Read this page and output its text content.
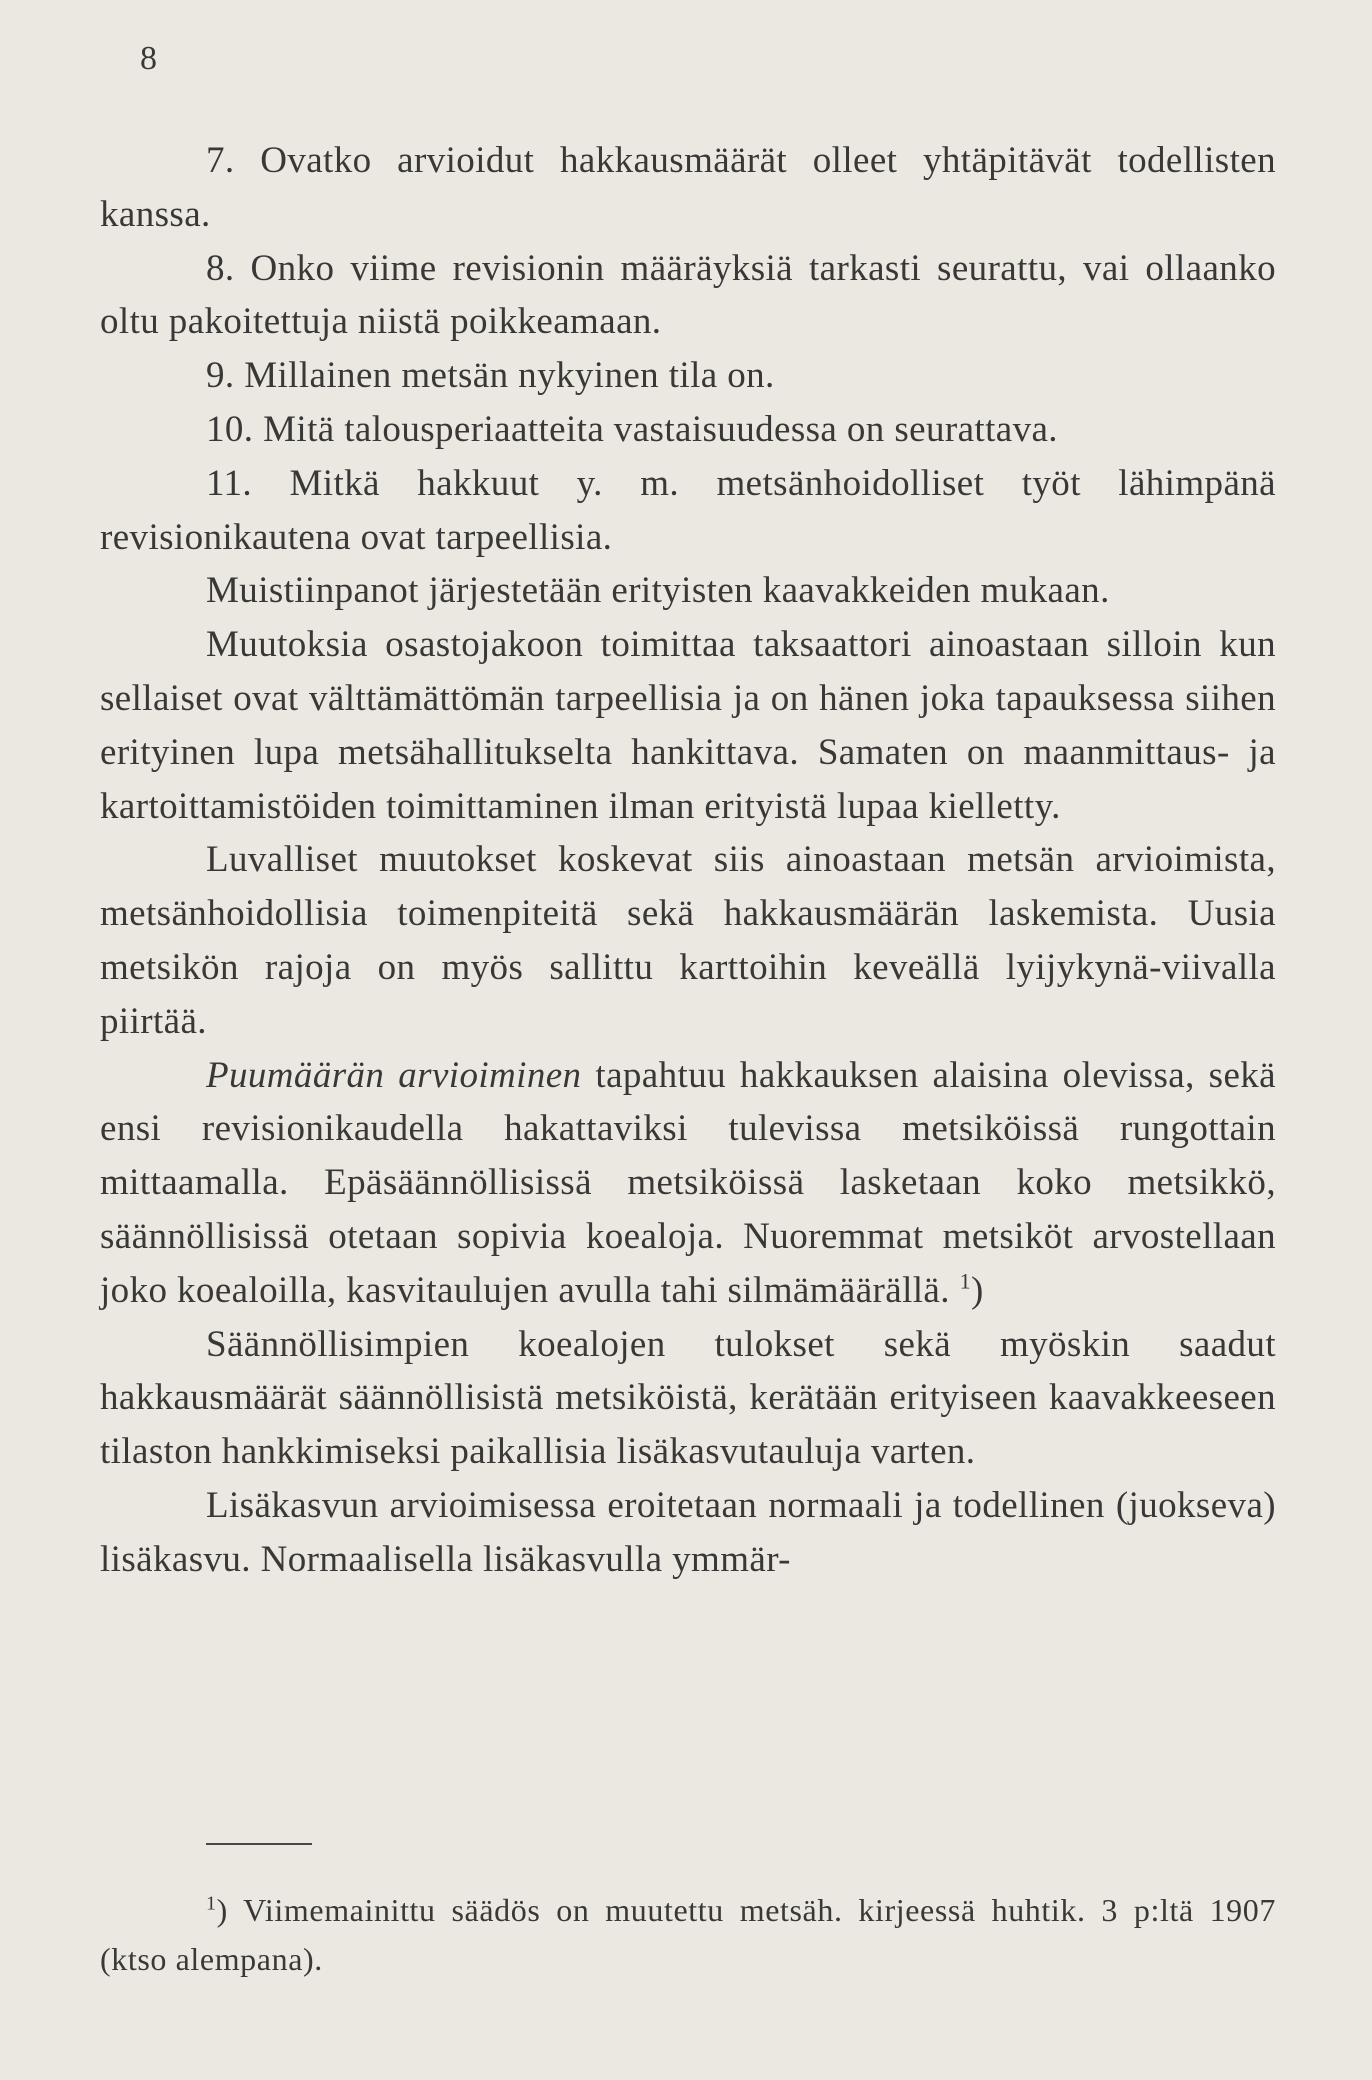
8

7. Ovatko arvioidut hakkausmäärät olleet yhtäpitävät todellisten kanssa.

8. Onko viime revisionin määräyksiä tarkasti seurattu, vai ollaanko oltu pakoitettuja niistä poikkeamaan.

9. Millainen metsän nykyinen tila on.

10. Mitä talousperiaatteita vastaisuudessa on seurattava.

11. Mitkä hakkuut y. m. metsänhoidolliset työt lähimpänä revisionikautena ovat tarpeellisia.

Muistiinpanot järjestetään erityisten kaavakkeiden mukaan.

Muutoksia osastojakoon toimittaa taksaattori ainoastaan silloin kun sellaiset ovat välttämättömän tarpeellisia ja on hänen joka tapauksessa siihen erityinen lupa metsähallitukselta hankittava. Samaten on maanmittaus- ja kartoittamistöiden toimittaminen ilman erityistä lupaa kielletty.

Luvalliset muutokset koskevat siis ainoastaan metsän arvioimista, metsänhoidollisia toimenpiteitä sekä hakkausmäärän laskemista. Uusia metsikön rajoja on myös sallittu karttoihin keveällä lyijykynä-viivalla piirtää.

Puumäärän arvioiminen tapahtuu hakkauksen alaisina olevissa, sekä ensi revisionikaudella hakattaviksi tulevissa metsiköissä rungottain mittaamalla. Epäsäännöllisissä metsiköissä lasketaan koko metsikkö, säännöllisissä otetaan sopivia koealoja. Nuoremmat metsiköt arvostellaan joko koealoilla, kasvitaulujen avulla tahi silmämäärällä. $^1$)

Säännöllisimpien koealojen tulokset sekä myöskin saadut hakkausmäärät säännöllisistä metsiköistä, kerätään erityiseen kaavakkeeseen tilaston hankkimiseksi paikallisia lisäkasvutauluja varten.

Lisäkasvun arvioimisessa eroitetaan normaali ja todellinen (juokseva) lisäkasvu. Normaalisella lisäkasvulla ymmär-

$^1$) Viimemainittu säädös on muutettu metsäh. kirjeessä huhtik. 3 p:ltä 1907 (ktso alempana).
